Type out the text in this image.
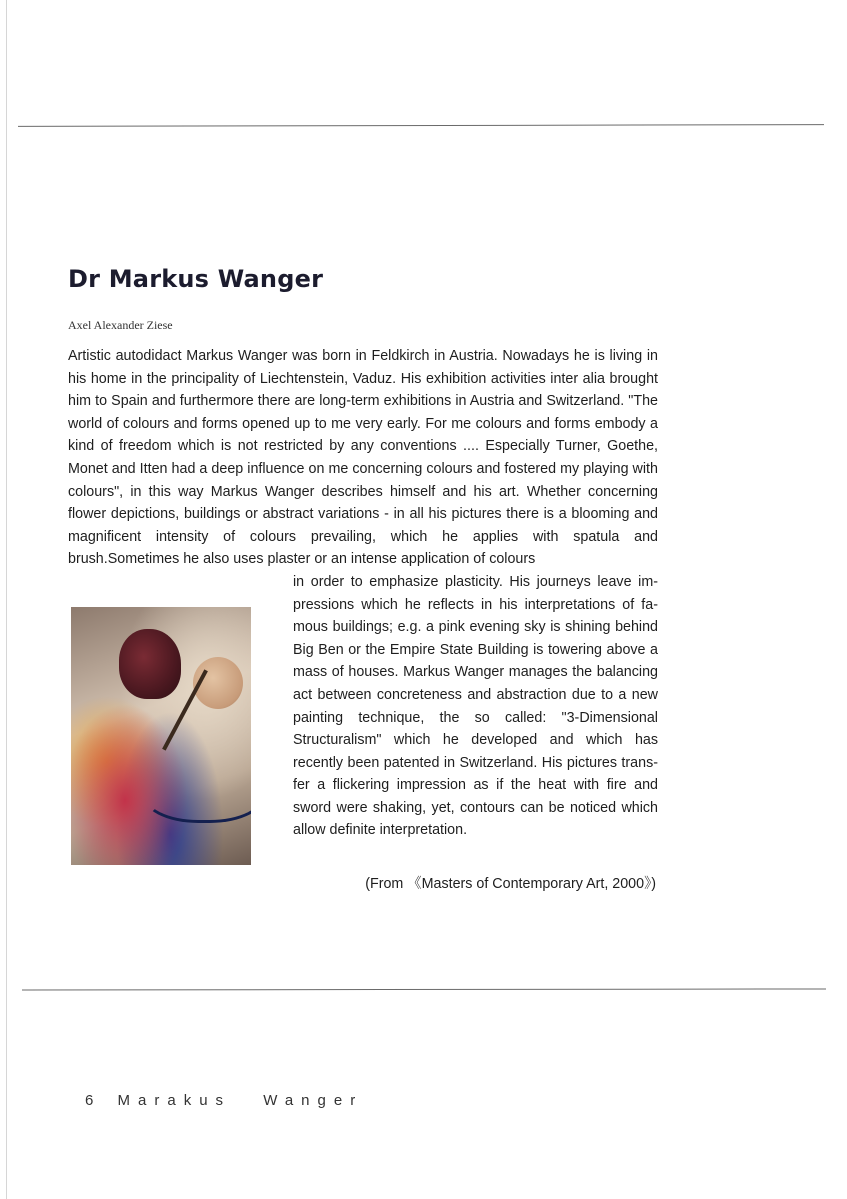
Dr Markus Wanger
Axel Alexander Ziese

Artistic autodidact Markus Wanger was born in Feldkirch in Austria. Nowadays he is living in his home in the principality of Liechtenstein, Vaduz. His exhibition activities inter alia brought him to Spain and furthermore there are long-term exhibitions in Austria and Switzerland. "The world of colours and forms opened up to me very early. For me colours and forms embody a kind of freedom which is not restricted by any conventions .... Especially Turner, Goethe, Monet and Itten had a deep influence on me concerning colours and fostered my playing with colours", in this way Markus Wanger describes himself and his art. Whether concerning flower depictions, buildings or abstract variations - in all his pictures there is a blooming and magnificent intensity of colours prevailing, which he applies with spatula and brush.Sometimes he also uses plaster or an intense application of colours

in order to emphasize plasticity. His journeys leave impressions which he reflects in his interpretations of famous buildings; e.g. a pink evening sky is shining behind Big Ben or the Empire State Building is towering above a mass of houses. Markus Wanger manages the balancing act between concreteness and abstraction due to a new painting technique, the so called: "3-Dimensional Structuralism" which he developed and which has recently been patented in Switzerland. His pictures transfer a flickering impression as if the heat with fire and sword were shaking, yet, contours can be noticed which allow definite interpretation.

(From 《Masters of Contemporary Art, 2000》)
6 Marakus Wanger
